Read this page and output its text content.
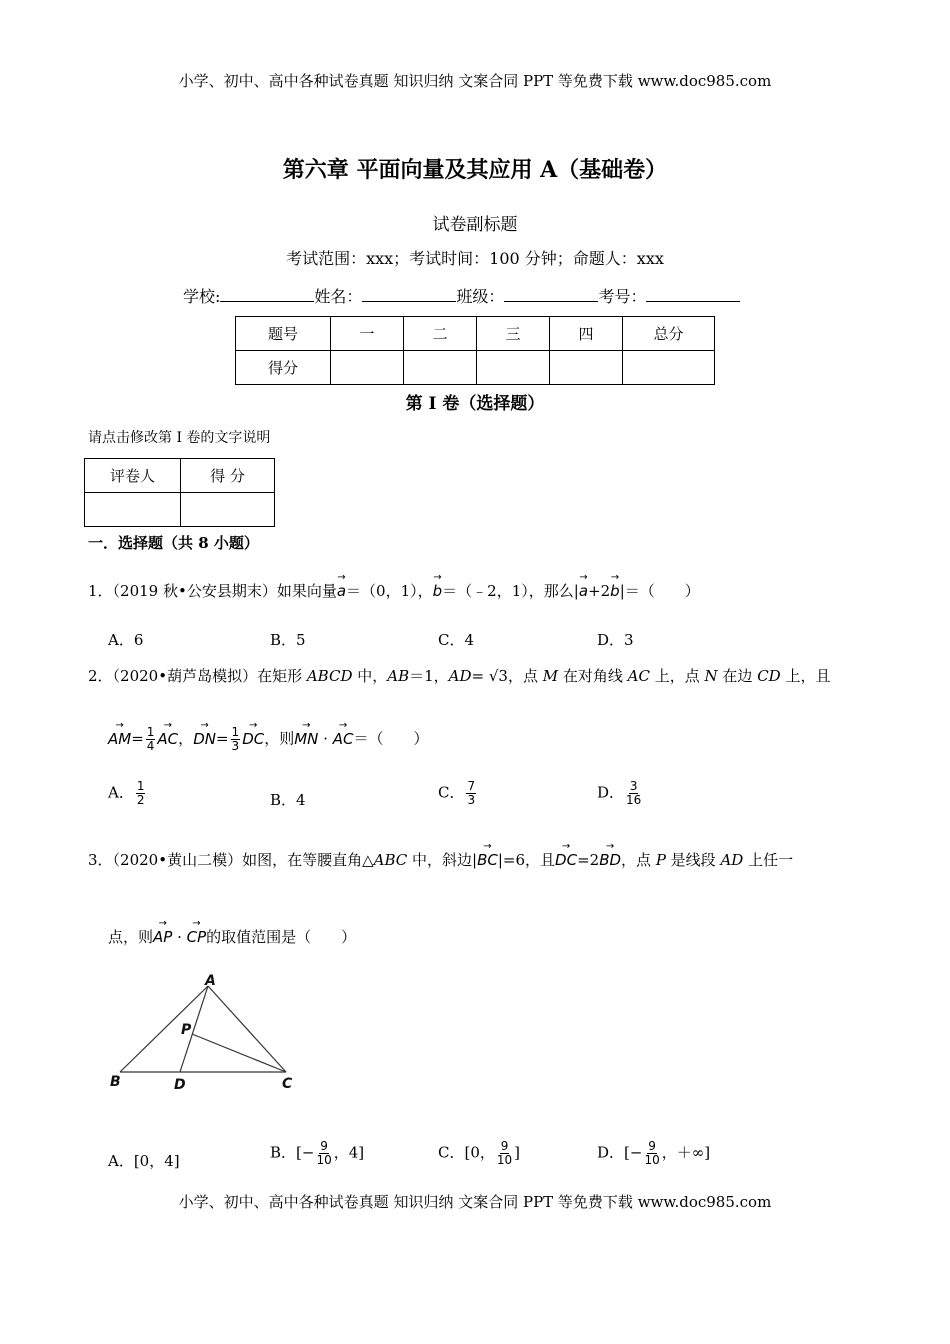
小学、初中、高中各种试卷真题 知识归纳 文案合同 PPT 等免费下载 www.doc985.com
第六章 平面向量及其应用 A（基础卷）
试卷副标题
考试范围：xxx；考试时间：100 分钟；命题人：xxx
学校:	姓名：	班级：	考号：
题号	一	二	三	四	总分
得分					
第 I 卷（选择题）
请点击修改第 I 卷的文字说明
评卷人	得 分

一．选择题（共 8 小题）
1．（2019 秋•公安县期末）如果向量→ a＝（0，1），→ b＝（﹣2，1），那么|→ a+2→ b|＝（　　）
A．6	B．5	C．4	D．3
2．（2020•葫芦岛模拟）在矩形 ABCD 中，AB＝1，AD= √3，点 M 在对角线 AC 上，点 N 在边 CD 上，且
→ $AM= \frac{1}{4}$ → AC，→ $DN= \frac{1}{3}$ → DC，则→ MN · → AC＝（　　）
A． $\frac{1}{2}$	B．4	C． $\frac{7}{3}$	D． $\frac{3}{16}$
3．（2020•黄山二模）如图，在等腰直角△ABC 中，斜边|→ BC|=6，且→ DC=2→ BD，点 P 是线段 AD 上任一
点，则→ AP · → CP的取值范围是（　　）
A
P
B	D	C
A．[0，4]	B．[− $\frac{9}{10}$ ，4]	C．[0， $\frac{9}{10}$ ]	D．[− $\frac{9}{10}$ ，＋∞]
小学、初中、高中各种试卷真题 知识归纳 文案合同 PPT 等免费下载 www.doc985.com
